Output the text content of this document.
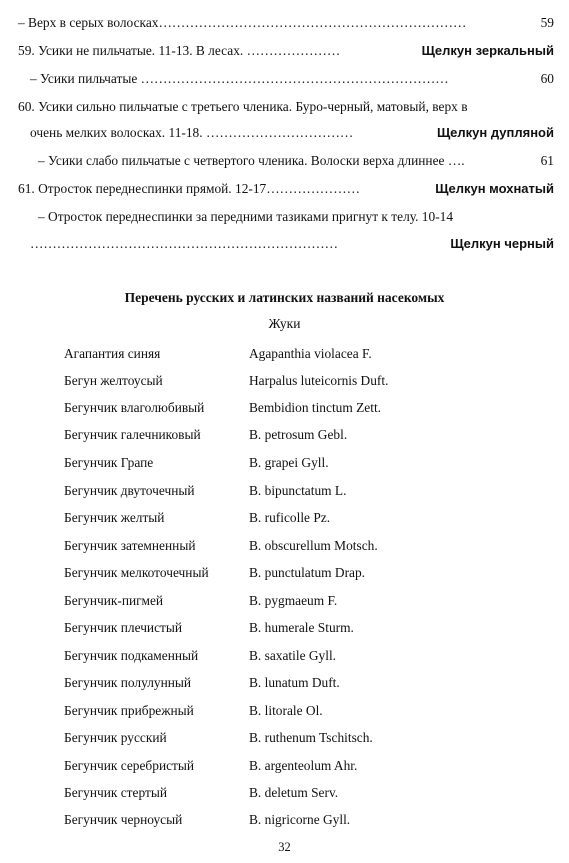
– Верх в серых волосках……………………………………………………………	59
59. Усики не пильчатые. 11-13. В лесах. …………………	Щелкун зеркальный
– Усики пильчатые ……………………………………………………………	60
60. Усики сильно пильчатые с третьего членика. Буро-черный, матовый, верх в
очень мелких волосках. 11-18. ……………………………	Щелкун дупляной
– Усики слабо пильчатые с четвертого членика. Волоски верха длиннее ….	61
61. Отросток переднеспинки прямой. 12-17…………………	Щелкун мохнатый
– Отросток переднеспинки за передними тазиками пригнут к телу. 10-14
……………………………………………………………	Щелкун черный
Перечень русских и латинских названий насекомых
Жуки
Агапантия синяя	Agapanthia violacea F.
Бегун желтоусый	Harpalus luteicornis Duft.
Бегунчик влаголюбивый	Bembidion tinctum Zett.
Бегунчик галечниковый	B. petrosum Gebl.
Бегунчик Грапе	B. grapei Gyll.
Бегунчик двуточечный	B. bipunctatum L.
Бегунчик желтый	B. ruficolle Pz.
Бегунчик затемненный	B. obscurellum Motsch.
Бегунчик мелкоточечный	B. punctulatum Drap.
Бегунчик-пигмей	B. pygmaeum F.
Бегунчик плечистый	B. humerale Sturm.
Бегунчик подкаменный	B. saxatile Gyll.
Бегунчик полулунный	B. lunatum Duft.
Бегунчик прибрежный	B. litorale Ol.
Бегунчик русский	B. ruthenum Tschitsch.
Бегунчик серебристый	B. argenteolum Ahr.
Бегунчик стертый	B. deletum Serv.
Бегунчик черноусый	B. nigricorne Gyll.
32
